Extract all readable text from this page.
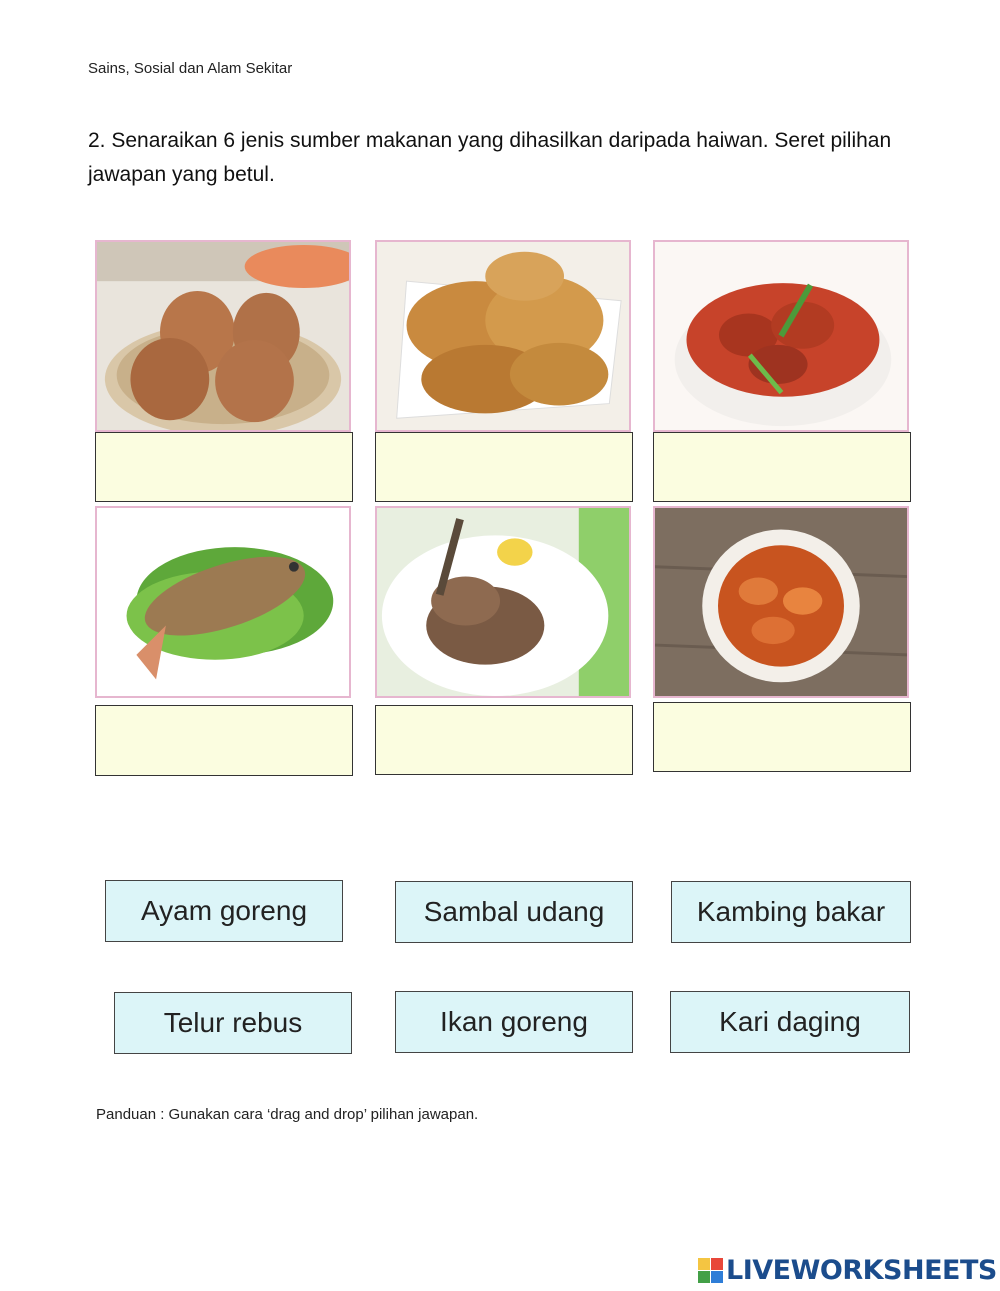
Sains, Sosial dan Alam Sekitar
2. Senaraikan 6 jenis sumber makanan yang dihasilkan daripada haiwan. Seret pilihan jawapan yang betul.
Ayam goreng	Sambal udang	Kambing bakar
Telur rebus	Ikan goreng	Kari daging
Panduan : Gunakan cara ‘drag and drop’ pilihan jawapan.
LIVEWORKSHEETS
